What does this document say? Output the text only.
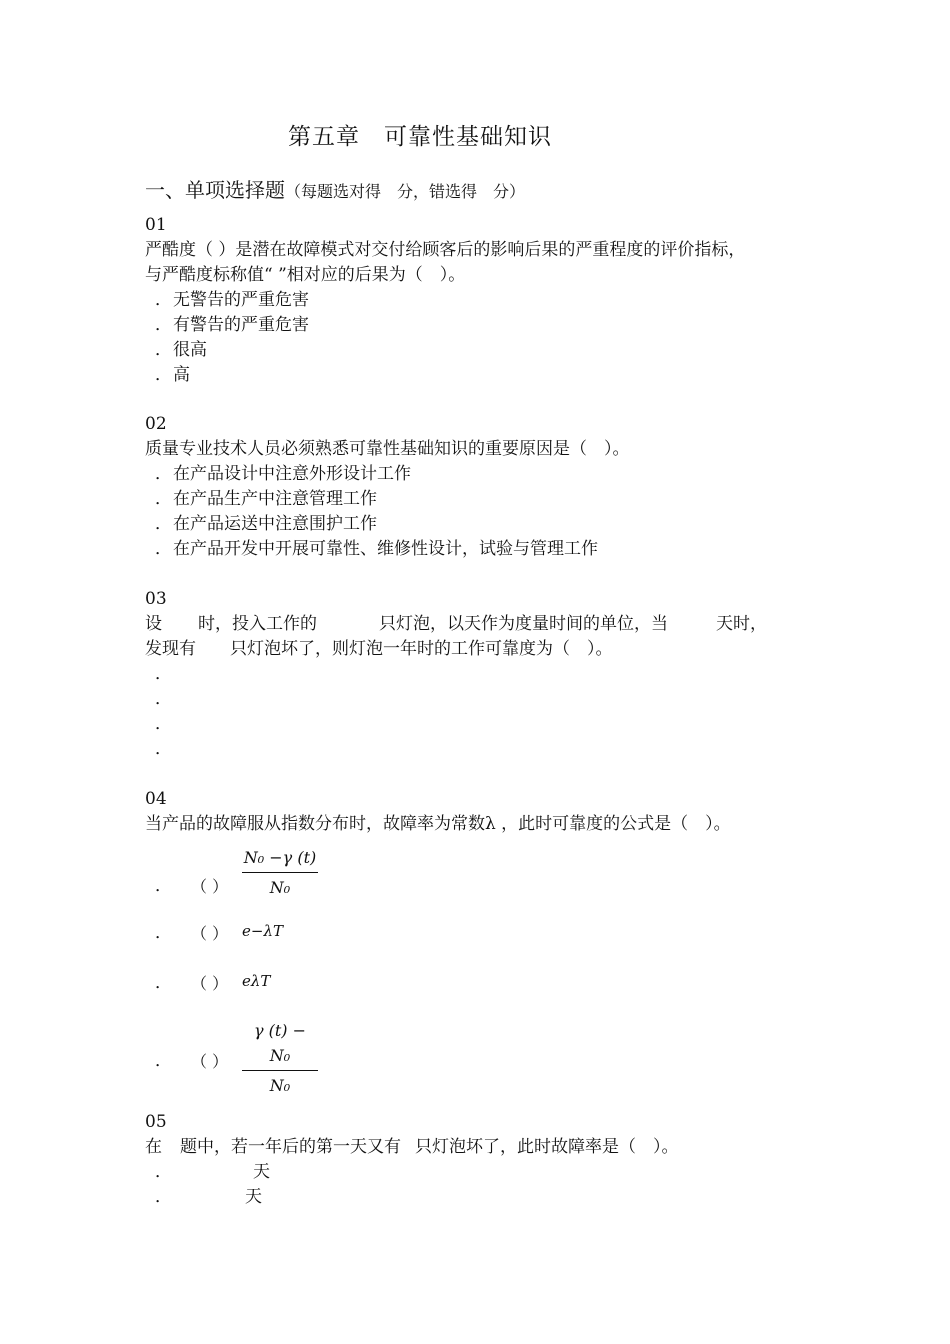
第五章　可靠性基础知识
一、单项选择题（每题选对得　分，错选得　分）
01
严酷度（ ）是潜在故障模式对交付给顾客后的影响后果的严重程度的评价指标，
与严酷度标称值“ ”相对应的后果为（　）。
．无警告的严重危害
．有警告的严重危害
．很高
．高
02
质量专业技术人员必须熟悉可靠性基础知识的重要原因是（　）。
．在产品设计中注意外形设计工作
．在产品生产中注意管理工作
．在产品运送中注意围护工作
．在产品开发中开展可靠性、维修性设计，试验与管理工作
03
设 时，投入工作的	只灯泡，以天作为度量时间的单位，当	天时，
发现有 只灯泡坏了，则灯泡一年时的工作可靠度为（　）。
．
．
．
．
04
当产品的故障服从指数分布时，故障率为常数λ ，此时可靠度的公式是（　）。
． （ ） $\frac{\text{N₀ −γ (t)}}{\text{N₀}}$
． （ ） e−λT
． （ ） eλT
． （ ） $\frac{\text{γ (t) − N₀}}{\text{N₀}}$
05
在 题中，若一年后的第一天又有 只灯泡坏了，此时故障率是（　）。
．	天
．	天
